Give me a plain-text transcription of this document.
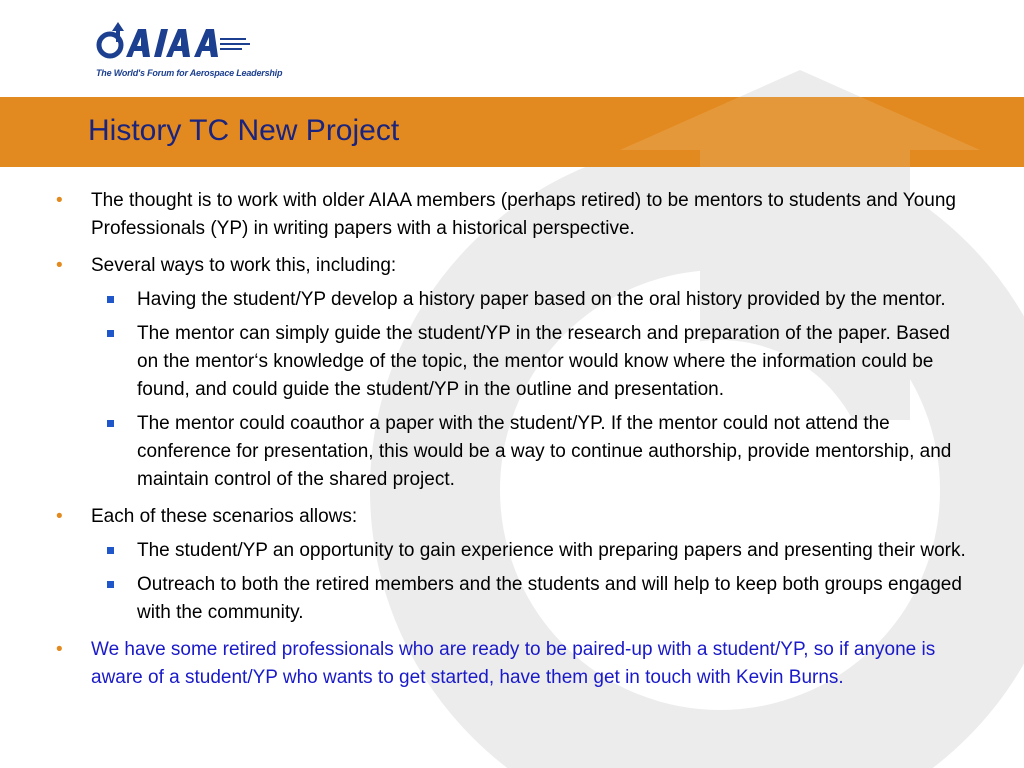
The World's Forum for Aerospace Leadership
History TC New Project
• The thought is to work with older AIAA members (perhaps retired) to be mentors to students and Young Professionals (YP) in writing papers with a historical perspective.
• Several ways to work this, including:
Having the student/YP develop a history paper based on the oral history provided by the mentor.
The mentor can simply guide the student/YP in the research and preparation of the paper. Based on the mentor‘s knowledge of the topic, the mentor would know where the information could be found, and could guide the student/YP in the outline and presentation.
The mentor could coauthor a paper with the student/YP. If the mentor could not attend the conference for presentation, this would be a way to continue authorship, provide mentorship, and maintain control of the shared project.
• Each of these scenarios allows:
The student/YP an opportunity to gain experience with preparing papers and presenting their work.
Outreach to both the retired members and the students and will help to keep both groups engaged with the community.
• We have some retired professionals who are ready to be paired-up with a student/YP, so if anyone is aware of a student/YP who wants to get started, have them get in touch with Kevin Burns.
